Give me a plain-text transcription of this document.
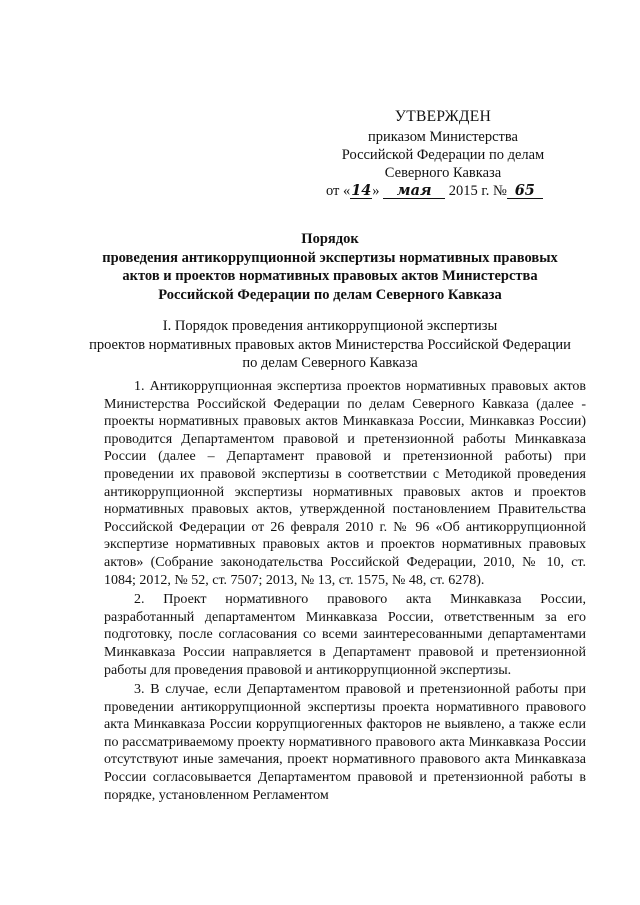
УТВЕРЖДЕН
приказом Министерства
Российской Федерации по делам
Северного Кавказа
от «14» мая 2015 г. № 65
Порядок
проведения антикоррупционной экспертизы нормативных правовых
актов и проектов нормативных правовых актов Министерства
Российской Федерации по делам Северного Кавказа
I. Порядок проведения антикоррупционой экспертизы
проектов нормативных правовых актов Министерства Российской Федерации
по делам Северного Кавказа

1. Антикоррупционная экспертиза проектов нормативных правовых актов Министерства Российской Федерации по делам Северного Кавказа (далее - проекты нормативных правовых актов Минкавказа России, Минкавказ России) проводится Департаментом правовой и претензионной работы Минкавказа России (далее – Департамент правовой и претензионной работы) при проведении их правовой экспертизы в соответствии с Методикой проведения антикоррупционной экспертизы нормативных правовых актов и проектов нормативных правовых актов, утвержденной постановлением Правительства Российской Федерации от 26 февраля 2010 г. № 96 «Об антикоррупционной экспертизе нормативных правовых актов и проектов нормативных правовых актов» (Собрание законодательства Российской Федерации, 2010, № 10, ст. 1084; 2012, № 52, ст. 7507; 2013, № 13, ст. 1575, № 48, ст. 6278).

2. Проект нормативного правового акта Минкавказа России, разработанный департаментом Минкавказа России, ответственным за его подготовку, после согласования со всеми заинтересованными департаментами Минкавказа России направляется в Департамент правовой и претензионной работы для проведения правовой и антикоррупционной экспертизы.

3. В случае, если Департаментом правовой и претензионной работы при проведении антикоррупционной экспертизы проекта нормативного правового акта Минкавказа России коррупциогенных факторов не выявлено, а также если по рассматриваемому проекту нормативного правового акта Минкавказа России отсутствуют иные замечания, проект нормативного правового акта Минкавказа России согласовывается Департаментом правовой и претензионной работы в порядке, установленном Регламентом
